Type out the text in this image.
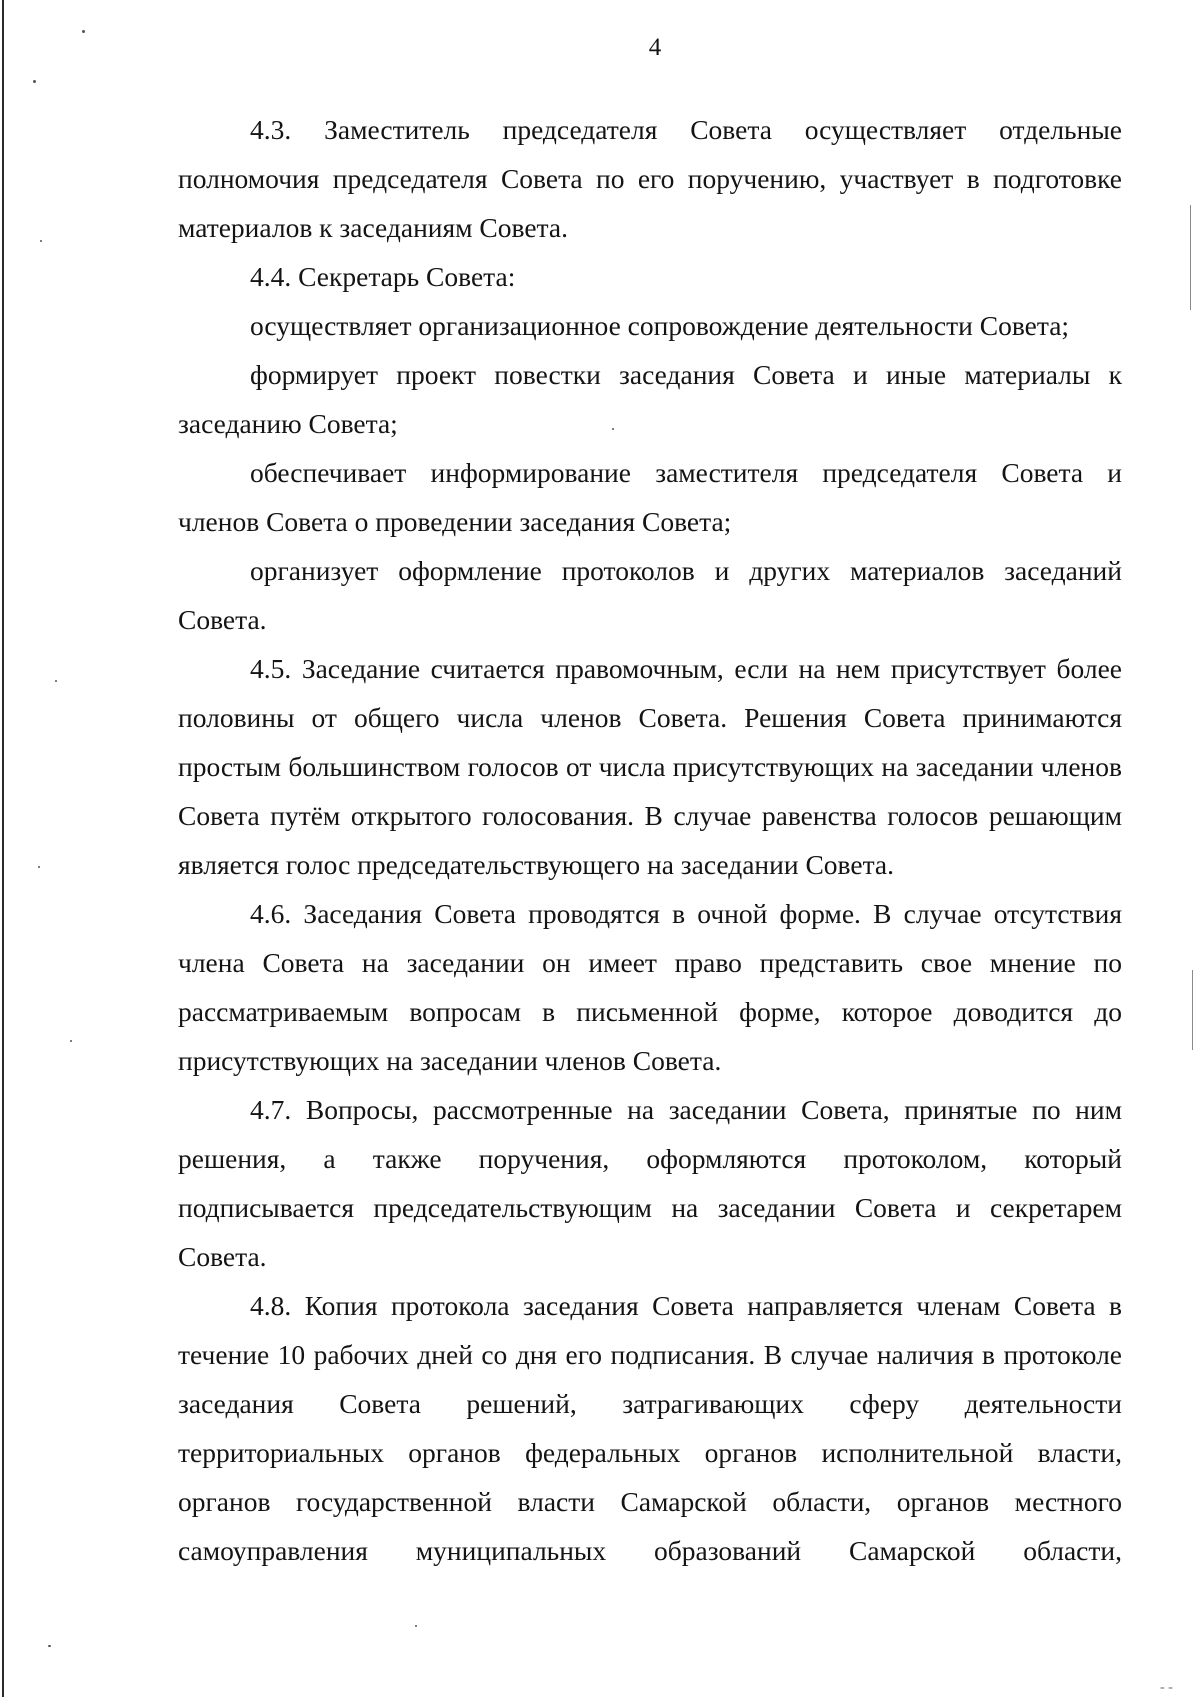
- -
4

4.3. Заместитель председателя Совета осуществляет отдельные полномочия председателя Совета по его поручению, участвует в подготовке материалов к заседаниям Совета.

4.4. Секретарь Совета:

осуществляет организационное сопровождение деятельности Совета;

формирует проект повестки заседания Совета и иные материалы к заседанию Совета;

обеспечивает информирование заместителя председателя Совета и членов Совета о проведении заседания Совета;

организует оформление протоколов и других материалов заседаний Совета.

4.5. Заседание считается правомочным, если на нем присутствует более половины от общего числа членов Совета. Решения Совета принимаются простым большинством голосов от числа присутствующих на заседании членов Совета путём открытого голосования. В случае равенства голосов решающим является голос председательствующего на заседании Совета.

4.6. Заседания Совета проводятся в очной форме. В случае отсутствия члена Совета на заседании он имеет право представить свое мнение по рассматриваемым вопросам в письменной форме, которое доводится до присутствующих на заседании членов Совета.

4.7. Вопросы, рассмотренные на заседании Совета, принятые по ним решения, а также поручения, оформляются протоколом, который подписывается председательствующим на заседании Совета и секретарем Совета.

4.8. Копия протокола заседания Совета направляется членам Совета в течение 10 рабочих дней со дня его подписания. В случае наличия в протоколе заседания Совета решений, затрагивающих сферу деятельности территориальных органов федеральных органов исполнительной власти, органов государственной власти Самарской области, органов местного самоуправления муниципальных образований Самарской области,
